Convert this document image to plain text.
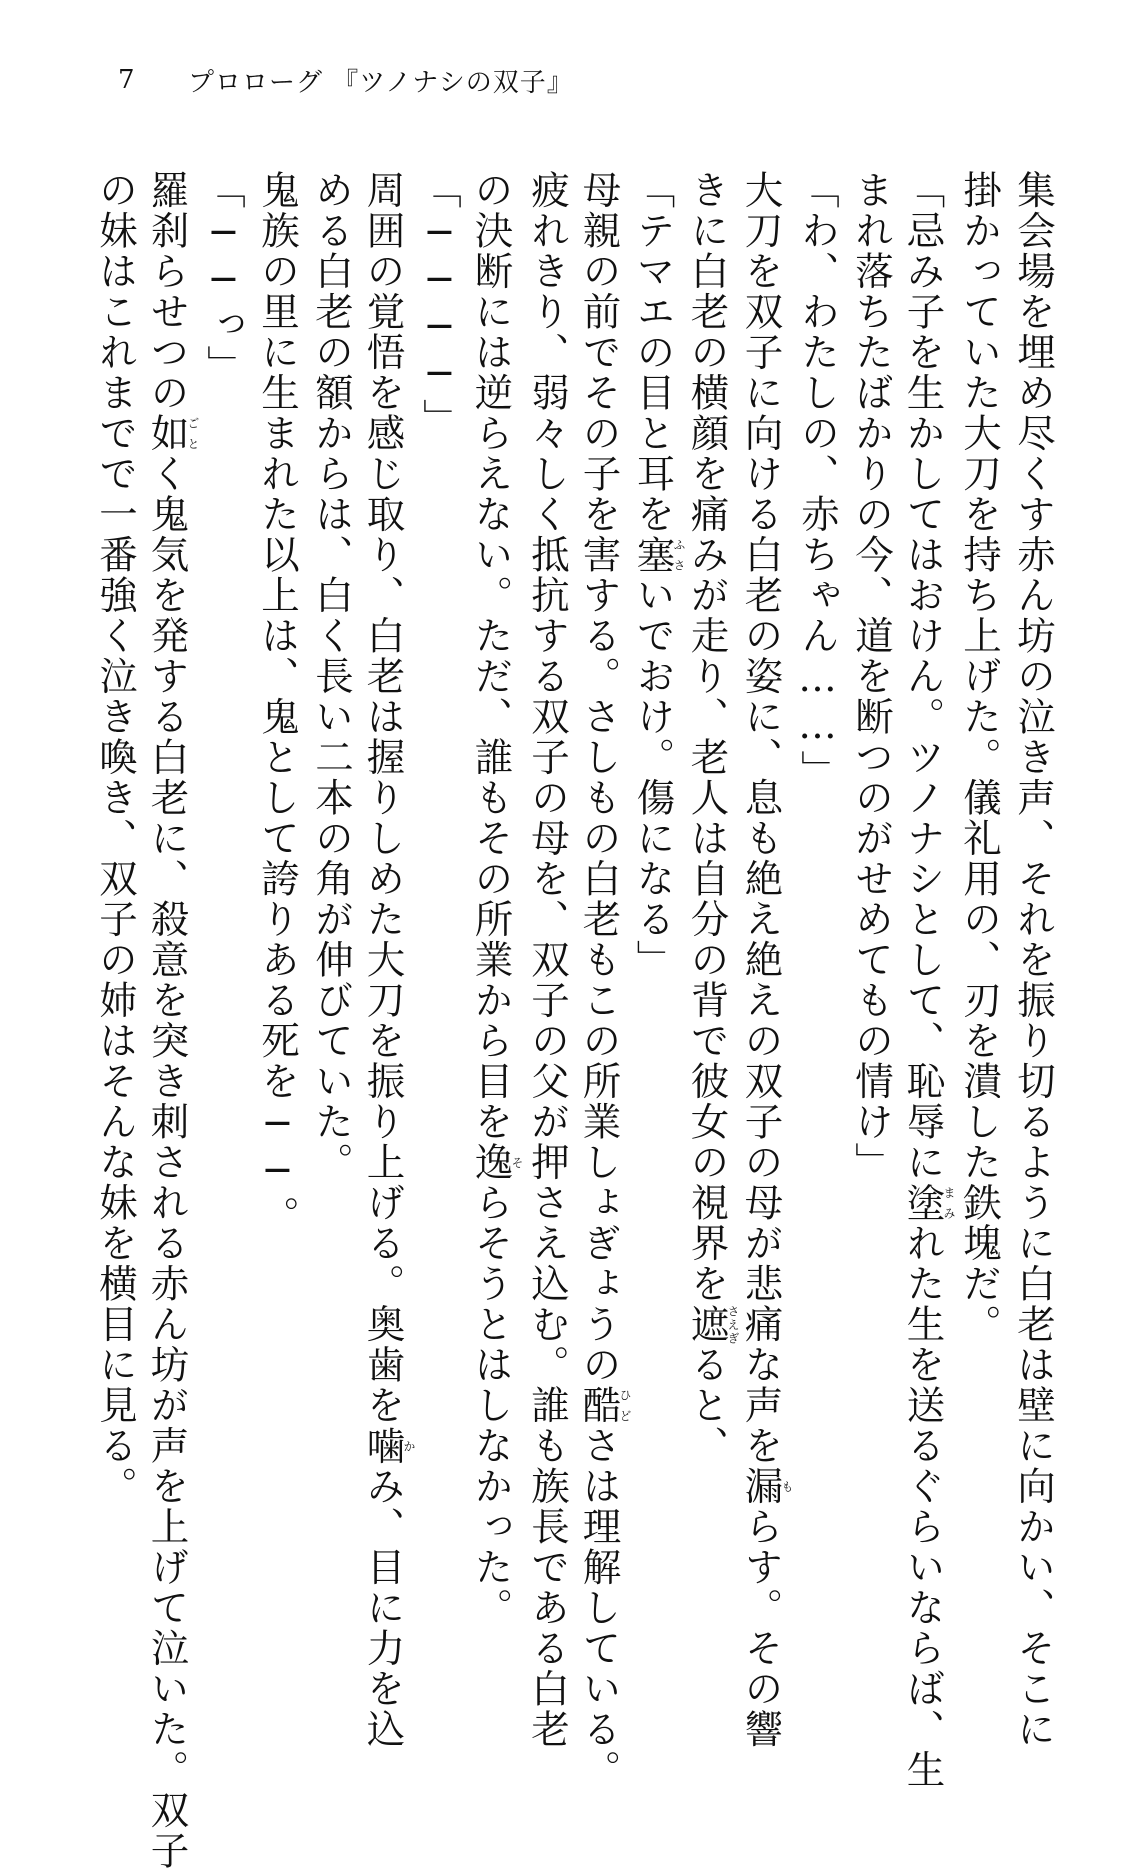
7	プロローグ 『ツノナシの双子』
集会場を埋め尽くす赤ん坊の泣き声、それを振り切るように白老は壁に向かい、そこに
掛かっていた大刀を持ち上げた。儀礼用の、刃を潰した鉄塊だ。
「忌み子を生かしてはおけん。ツノナシとして、恥辱に塗まみれた生を送るぐらいならば、生
まれ落ちたばかりの今、道を断つのがせめてもの情け」
「わ、わたしの、赤ちゃん……」
大刀を双子に向ける白老の姿に、息も絶え絶えの双子の母が悲痛な声を漏もらす。その響
きに白老の横顔を痛みが走り、老人は自分の背で彼女の視界を遮さえぎると、
「テマエの目と耳を塞ふさいでおけ。傷になる」
母親の前でその子を害する。さしもの白老もこの所業しょぎょうの酷ひどさは理解している。
疲れきり、弱々しく抵抗する双子の母を、双子の父が押さえ込む。誰も族長である白老
の決断には逆らえない。ただ、誰もその所業から目を逸そらそうとはしなかった。
「────」
周囲の覚悟を感じ取り、白老は握りしめた大刀を振り上げる。奥歯を噛かみ、目に力を込
める白老の額からは、白く長い二本の角が伸びていた。
鬼族の里に生まれた以上は、鬼として誇りある死を──。
「──っ」
羅刹らせつの如ごとく鬼気を発する白老に、殺意を突き刺される赤ん坊が声を上げて泣いた。双子
の妹はこれまでで一番強く泣き喚き、双子の姉はそんな妹を横目に見る。
